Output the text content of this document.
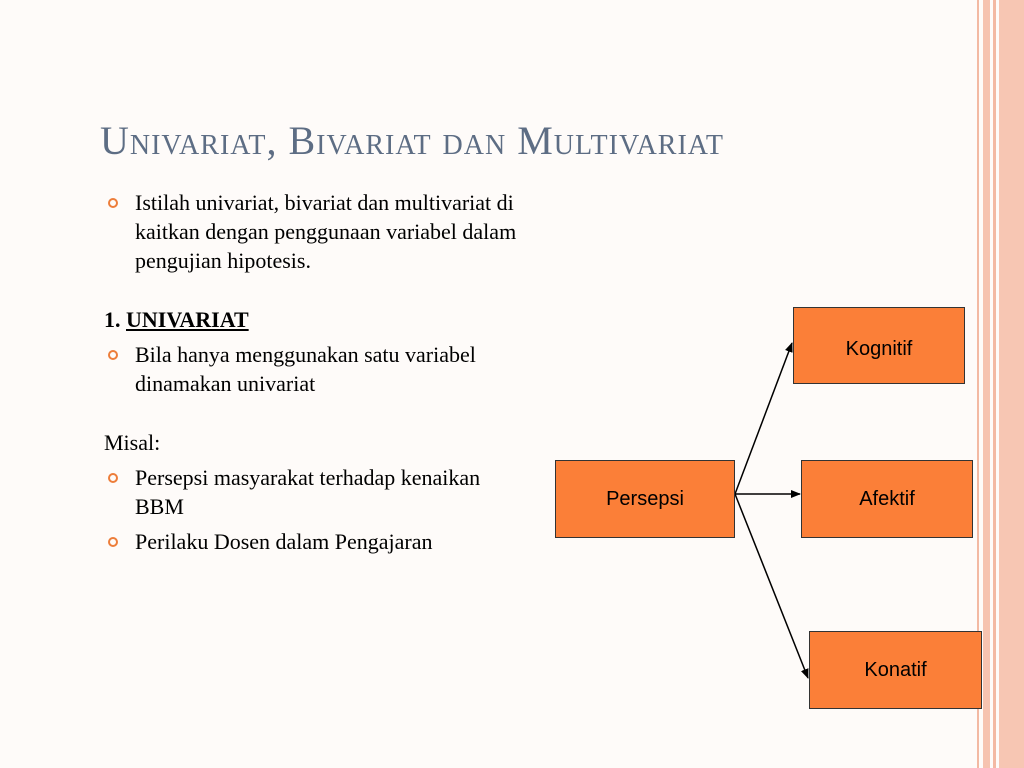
Univariat, Bivariat dan Multivariat
Istilah univariat, bivariat dan multivariat di kaitkan dengan penggunaan variabel dalam pengujian hipotesis.
1. UNIVARIAT
Bila hanya menggunakan satu variabel dinamakan univariat
Misal:
Persepsi masyarakat terhadap kenaikan BBM
Perilaku Dosen dalam Pengajaran
Persepsi
Kognitif
Afektif
Konatif
